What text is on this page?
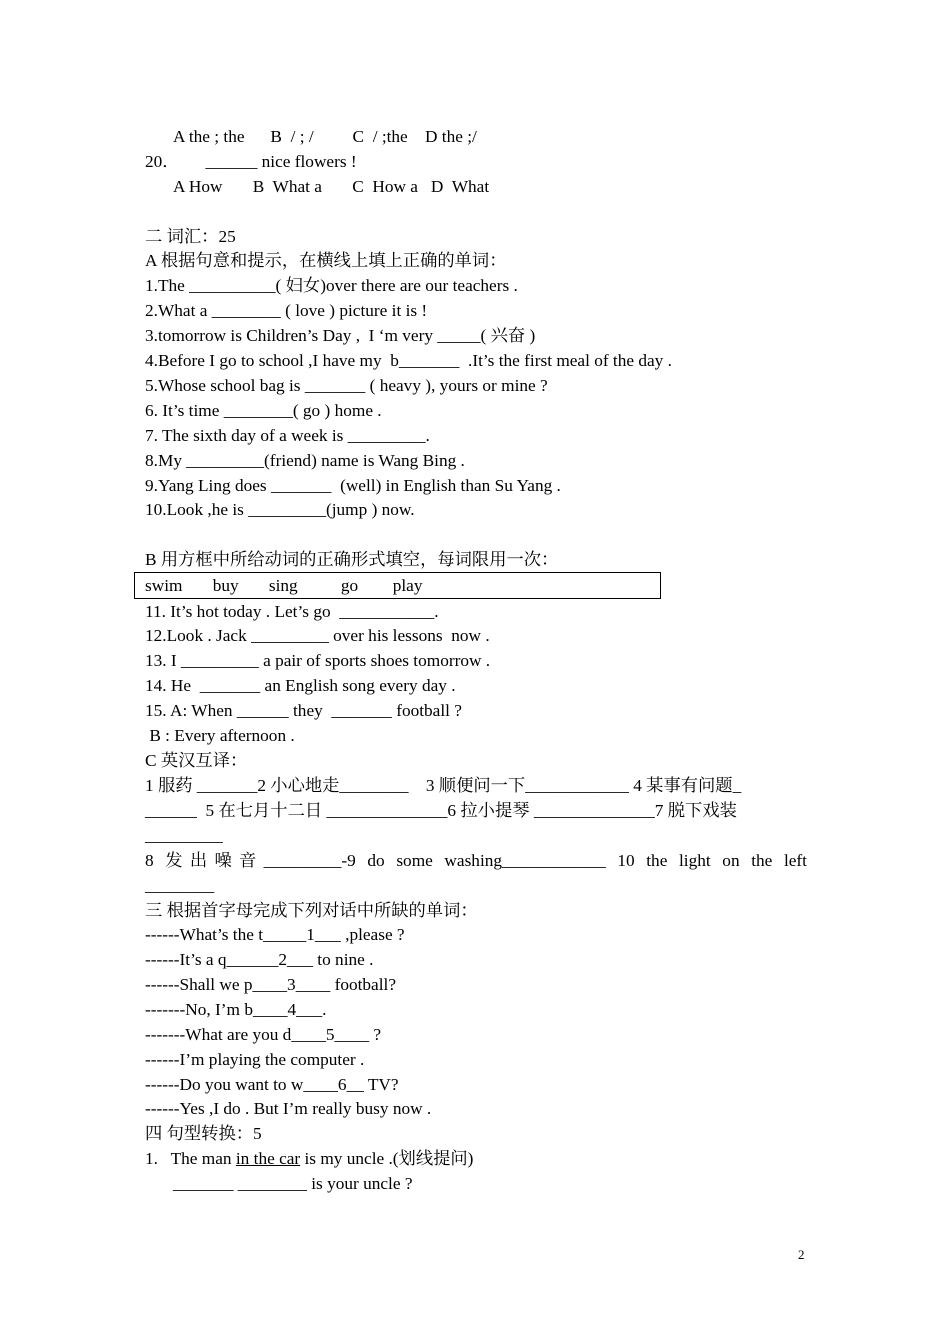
A the ; the      B  / ; /         C  / ;the    D the ;/
20．      ______ nice flowers !
A How       B  What a       C  How a   D  What
二 词汇：25
A 根据句意和提示，在横线上填上正确的单词：
1.The __________( 妇女)over there are our teachers .
2.What a ________ ( love ) picture it is !
3.tomorrow is Children’s Day ,  I ‘m very _____( 兴奋 )
4.Before I go to school ,I have my  b_______  .It’s the first meal of the day .
5.Whose school bag is _______ ( heavy ), yours or mine ?
6. It’s time ________( go ) home .
7. The sixth day of a week is _________.
8.My _________(friend) name is Wang Bing .
9.Yang Ling does _______  (well) in English than Su Yang .
10.Look ,he is _________(jump ) now.
B 用方框中所给动词的正确形式填空，每词限用一次：
swim       buy       sing          go        play
11. It’s hot today . Let’s go  ___________.
12.Look . Jack _________ over his lessons  now .
13. I _________ a pair of sports shoes tomorrow .
14. He  _______ an English song every day .
15. A: When ______ they  _______ football ?
B : Every afternoon .
C 英汉互译：
1 服药 _______2 小心地走________    3 顺便问一下____________ 4 某事有问题_
______  5 在七月十二日 ______________6 拉小提琴 ______________7 脱下戏装
_________
8 发出噪音_________-9 do some washing____________ 10 the light on the left
________
三 根据首字母完成下列对话中所缺的单词：
------What’s the t_____1___ ,please ?
------It’s a q______2___ to nine .
------Shall we p____3____ football?
-------No, I’m b____4___.
-------What are you d____5____ ?
------I’m playing the computer .
------Do you want to w____6__ TV?
------Yes ,I do . But I’m really busy now .
四 句型转换：5
1.   The man in the car is my uncle .(划线提问)
_______ ________ is your uncle ?
2
